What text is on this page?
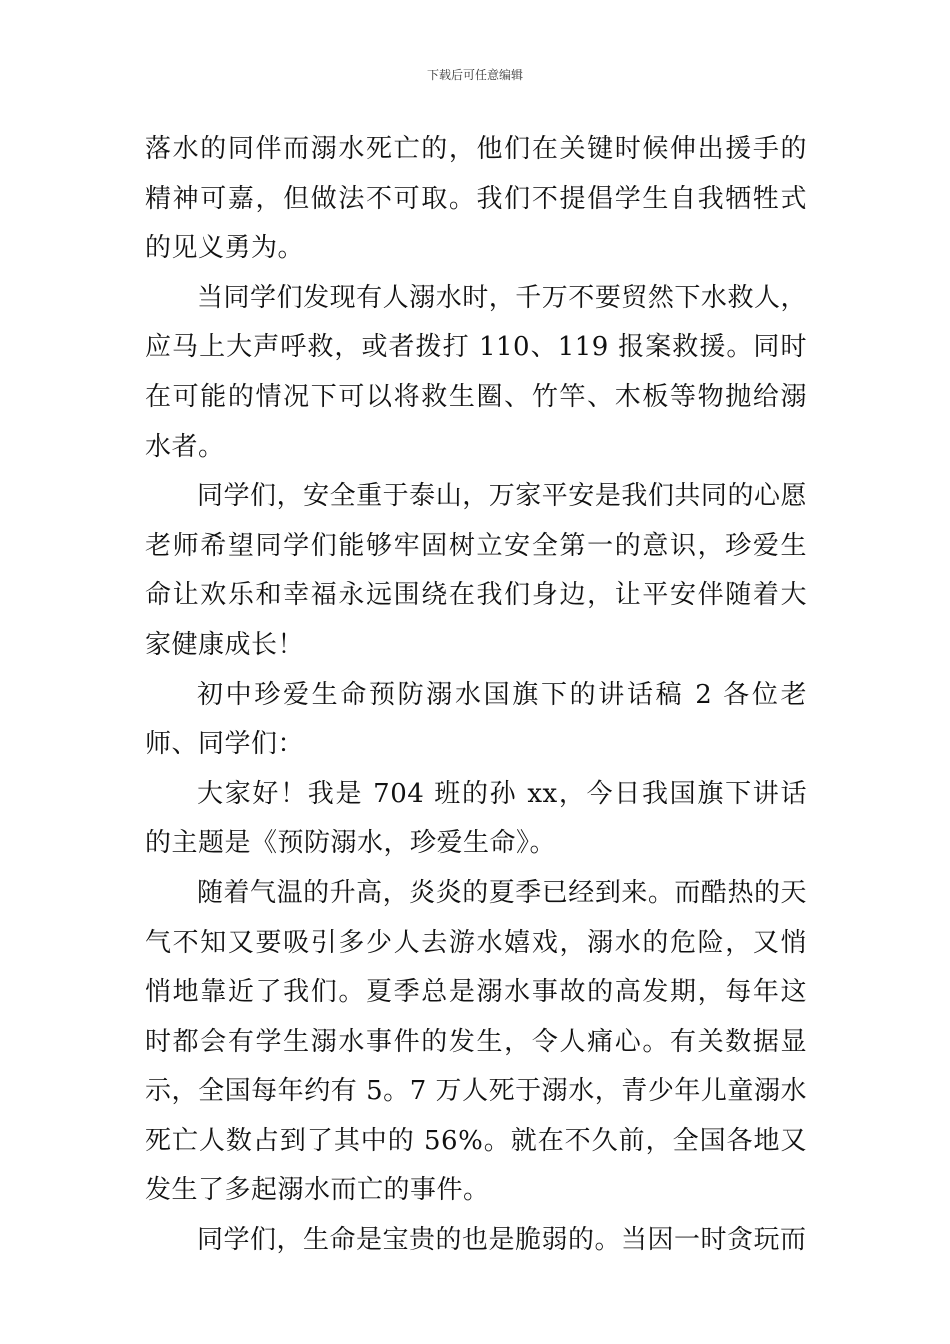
下载后可任意编辑

落水的同伴而溺水死亡的，他们在关键时候伸出援手的精神可嘉，但做法不可取。我们不提倡学生自我牺牲式的见义勇为。

当同学们发现有人溺水时，千万不要贸然下水救人，应马上大声呼救，或者拨打 110、119 报案救援。同时在可能的情况下可以将救生圈、竹竿、木板等物抛给溺水者。

同学们，安全重于泰山，万家平安是我们共同的心愿老师希望同学们能够牢固树立安全第一的意识，珍爱生命让欢乐和幸福永远围绕在我们身边，让平安伴随着大家健康成长！

初中珍爱生命预防溺水国旗下的讲话稿 2 各位老师、同学们：

大家好！我是 704 班的孙 xx，今日我国旗下讲话的主题是《预防溺水，珍爱生命》。

随着气温的升高，炎炎的夏季已经到来。而酷热的天气不知又要吸引多少人去游水嬉戏，溺水的危险，又悄悄地靠近了我们。夏季总是溺水事故的高发期，每年这时都会有学生溺水事件的发生，令人痛心。有关数据显示，全国每年约有 5。7 万人死于溺水，青少年儿童溺水死亡人数占到了其中的 56%。就在不久前，全国各地又发生了多起溺水而亡的事件。

同学们，生命是宝贵的也是脆弱的。当因一时贪玩而
